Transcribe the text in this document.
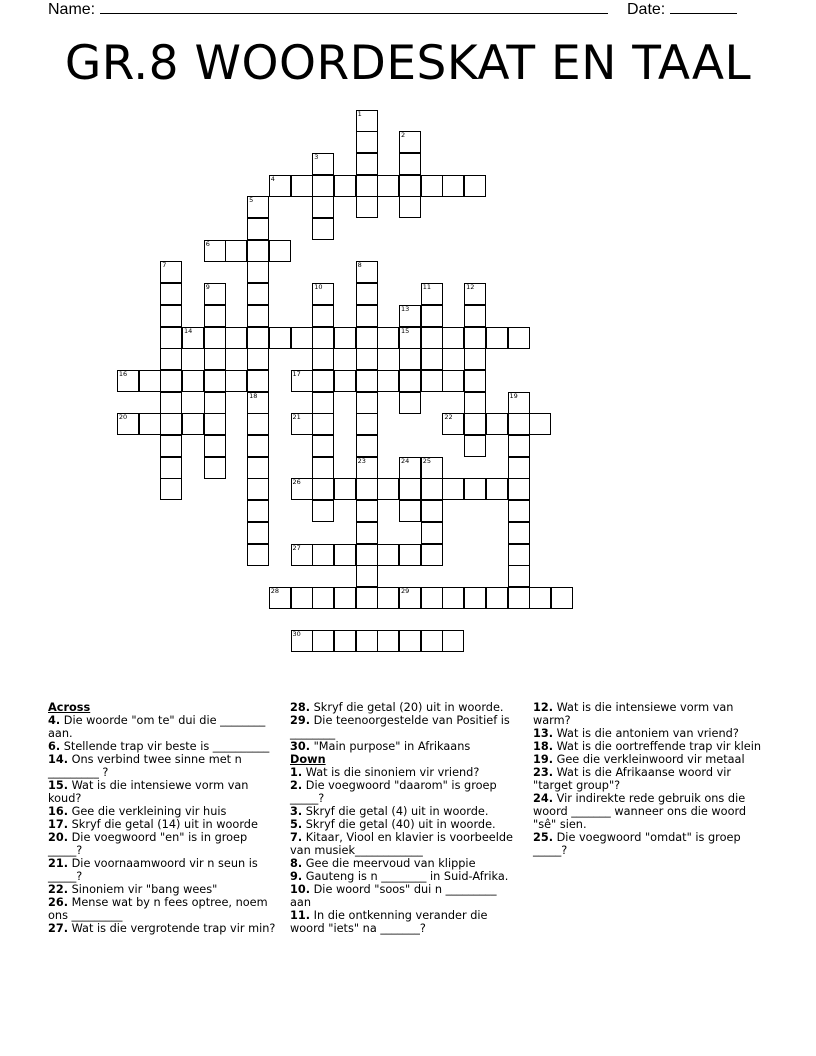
Name:	Date:
GR.8 WOORDESKAT EN TAAL
1
2
3
4
5
18
6
7	8
23
9	10	11	12
13
15
14
16	17
19
20	21	22
24 25
26
27
28	29
30
Across
4. Die woorde "om te" dui die ________ aan.
6. Stellende trap vir beste is __________
14. Ons verbind twee sinne met n _________ ?
15. Wat is die intensiewe vorm van koud?
16. Gee die verkleining vir huis
17. Skryf die getal (14) uit in woorde
20. Die voegwoord "en" is in groep _____?
21. Die voornaamwoord vir n seun is _____?
22. Sinoniem vir "bang wees"
26. Mense wat by n fees optree, noem ons _________
27. Wat is die vergrotende trap vir min?
28. Skryf die getal (20) uit in woorde.
29. Die teenoorgestelde van Positief is ________
30. "Main purpose" in Afrikaans
Down
1. Wat is die sinoniem vir vriend?
2. Die voegwoord "daarom" is groep _____?
3. Skryf die getal (4) uit in woorde.
5. Skryf die getal (40) uit in woorde.
7. Kitaar, Viool en klavier is voorbeelde van musiek____________
8. Gee die meervoud van klippie
9. Gauteng is n ________ in Suid-Afrika.
10. Die woord "soos" dui n _________ aan
11. In die ontkenning verander die woord "iets" na _______?
12. Wat is die intensiewe vorm van warm?
13. Wat is die antoniem van vriend?
18. Wat is die oortreffende trap vir klein
19. Gee die verkleinwoord vir metaal
23. Wat is die Afrikaanse woord vir "target group"?
24. Vir indirekte rede gebruik ons die woord _______ wanneer ons die woord "sê" sien.
25. Die voegwoord "omdat" is groep _____?
